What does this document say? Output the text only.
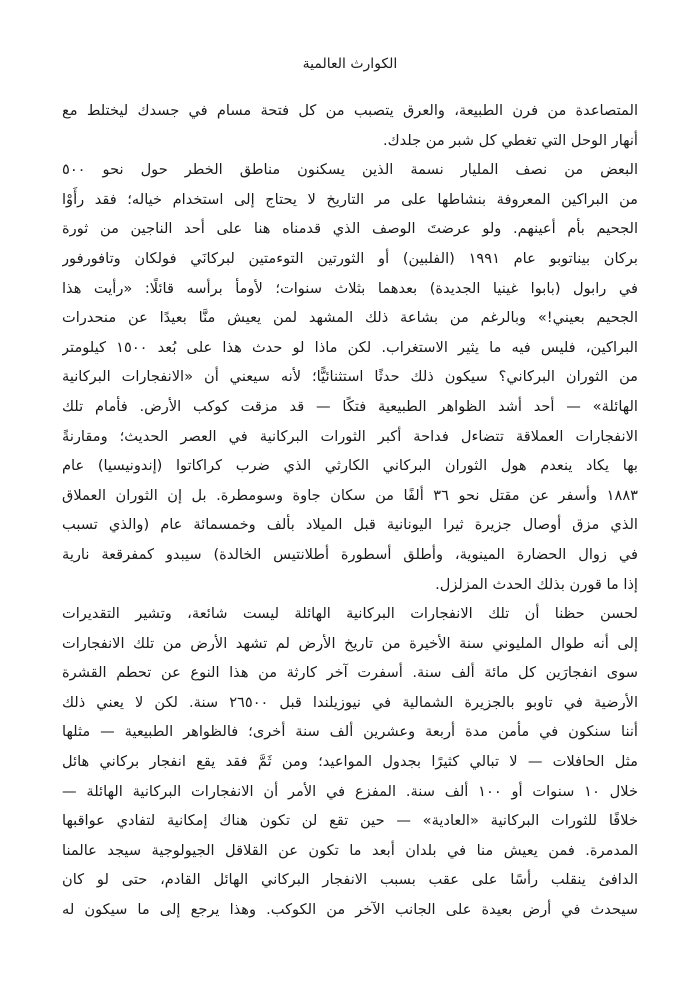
الكوارث العالمية
المتصاعدة من فرن الطبيعة، والعرق يتصبب من كل فتحة مسام في جسدك ليختلط مع
أنهار الوحل التي تغطي كل شبر من جلدك.
البعض من نصف المليار نسمة الذين يسكنون مناطق الخطر حول نحو ٥٠٠
من البراكين المعروفة بنشاطها على مر التاريخ لا يحتاج إلى استخدام خياله؛ فقد رأَوْا
الجحيم بأم أعينهم. ولو عرضتَ الوصف الذي قدمناه هنا على أحد الناجين من ثورة
بركان بيناتوبو عام ١٩٩١ (الفلبين) أو الثورتين التوءمتين لبركانَي فولكان وتافورفور
في رابول (بابوا غينيا الجديدة) بعدهما بثلاث سنوات؛ لأومأ برأسه قائلًا: «رأيت هذا
الجحيم بعيني!» وبالرغم من بشاعة ذلك المشهد لمن يعيش منَّا بعيدًا عن منحدرات
البراكين، فليس فيه ما يثير الاستغراب. لكن ماذا لو حدث هذا على بُعد ١٥٠٠ كيلومتر
من الثوران البركاني؟ سيكون ذلك حدثًا استثنائيًّا؛ لأنه سيعني أن «الانفجارات البركانية
الهائلة» — أحد أشد الظواهر الطبيعية فتكًا — قد مزقت كوكب الأرض. فأمام تلك
الانفجارات العملاقة تتضاءل فداحة أكبر الثورات البركانية في العصر الحديث؛ ومقارنةً
بها يكاد ينعدم هول الثوران البركاني الكارثي الذي ضرب كراكاتوا (إندونيسيا) عام
١٨٨٣ وأسفر عن مقتل نحو ٣٦ ألفًا من سكان جاوة وسومطرة. بل إن الثوران العملاق
الذي مزق أوصال جزيرة ثيرا اليونانية قبل الميلاد بألف وخمسمائة عام (والذي تسبب
في زوال الحضارة المينوية، وأطلق أسطورة أطلانتيس الخالدة) سيبدو كمفرقعة نارية
إذا ما قورن بذلك الحدث المزلزل.
لحسن حظنا أن تلك الانفجارات البركانية الهائلة ليست شائعة، وتشير التقديرات
إلى أنه طوال المليوني سنة الأخيرة من تاريخ الأرض لم تشهد الأرض من تلك الانفجارات
سوى انفجارَين كل مائة ألف سنة. أسفرت آخر كارثة من هذا النوع عن تحطم القشرة
الأرضية في تاوبو بالجزيرة الشمالية في نيوزيلندا قبل ٢٦٥٠٠ سنة. لكن لا يعني ذلك
أننا سنكون في مأمن مدة أربعة وعشرين ألف سنة أخرى؛ فالظواهر الطبيعية — مثلها
مثل الحافلات — لا تبالي كثيرًا بجدول المواعيد؛ ومن ثَمَّ فقد يقع انفجار بركاني هائل
خلال ١٠ سنوات أو ١٠٠ ألف سنة. المفزع في الأمر أن الانفجارات البركانية الهائلة —
خلافًا للثورات البركانية «العادية» — حين تقع لن تكون هناك إمكانية لتفادي عواقبها
المدمرة. فمن يعيش منا في بلدان أبعد ما تكون عن القلاقل الجيولوجية سيجد عالمنا
الدافئ ينقلب رأسًا على عقب بسبب الانفجار البركاني الهائل القادم، حتى لو كان
سيحدث في أرض بعيدة على الجانب الآخر من الكوكب. وهذا يرجع إلى ما سيكون له
